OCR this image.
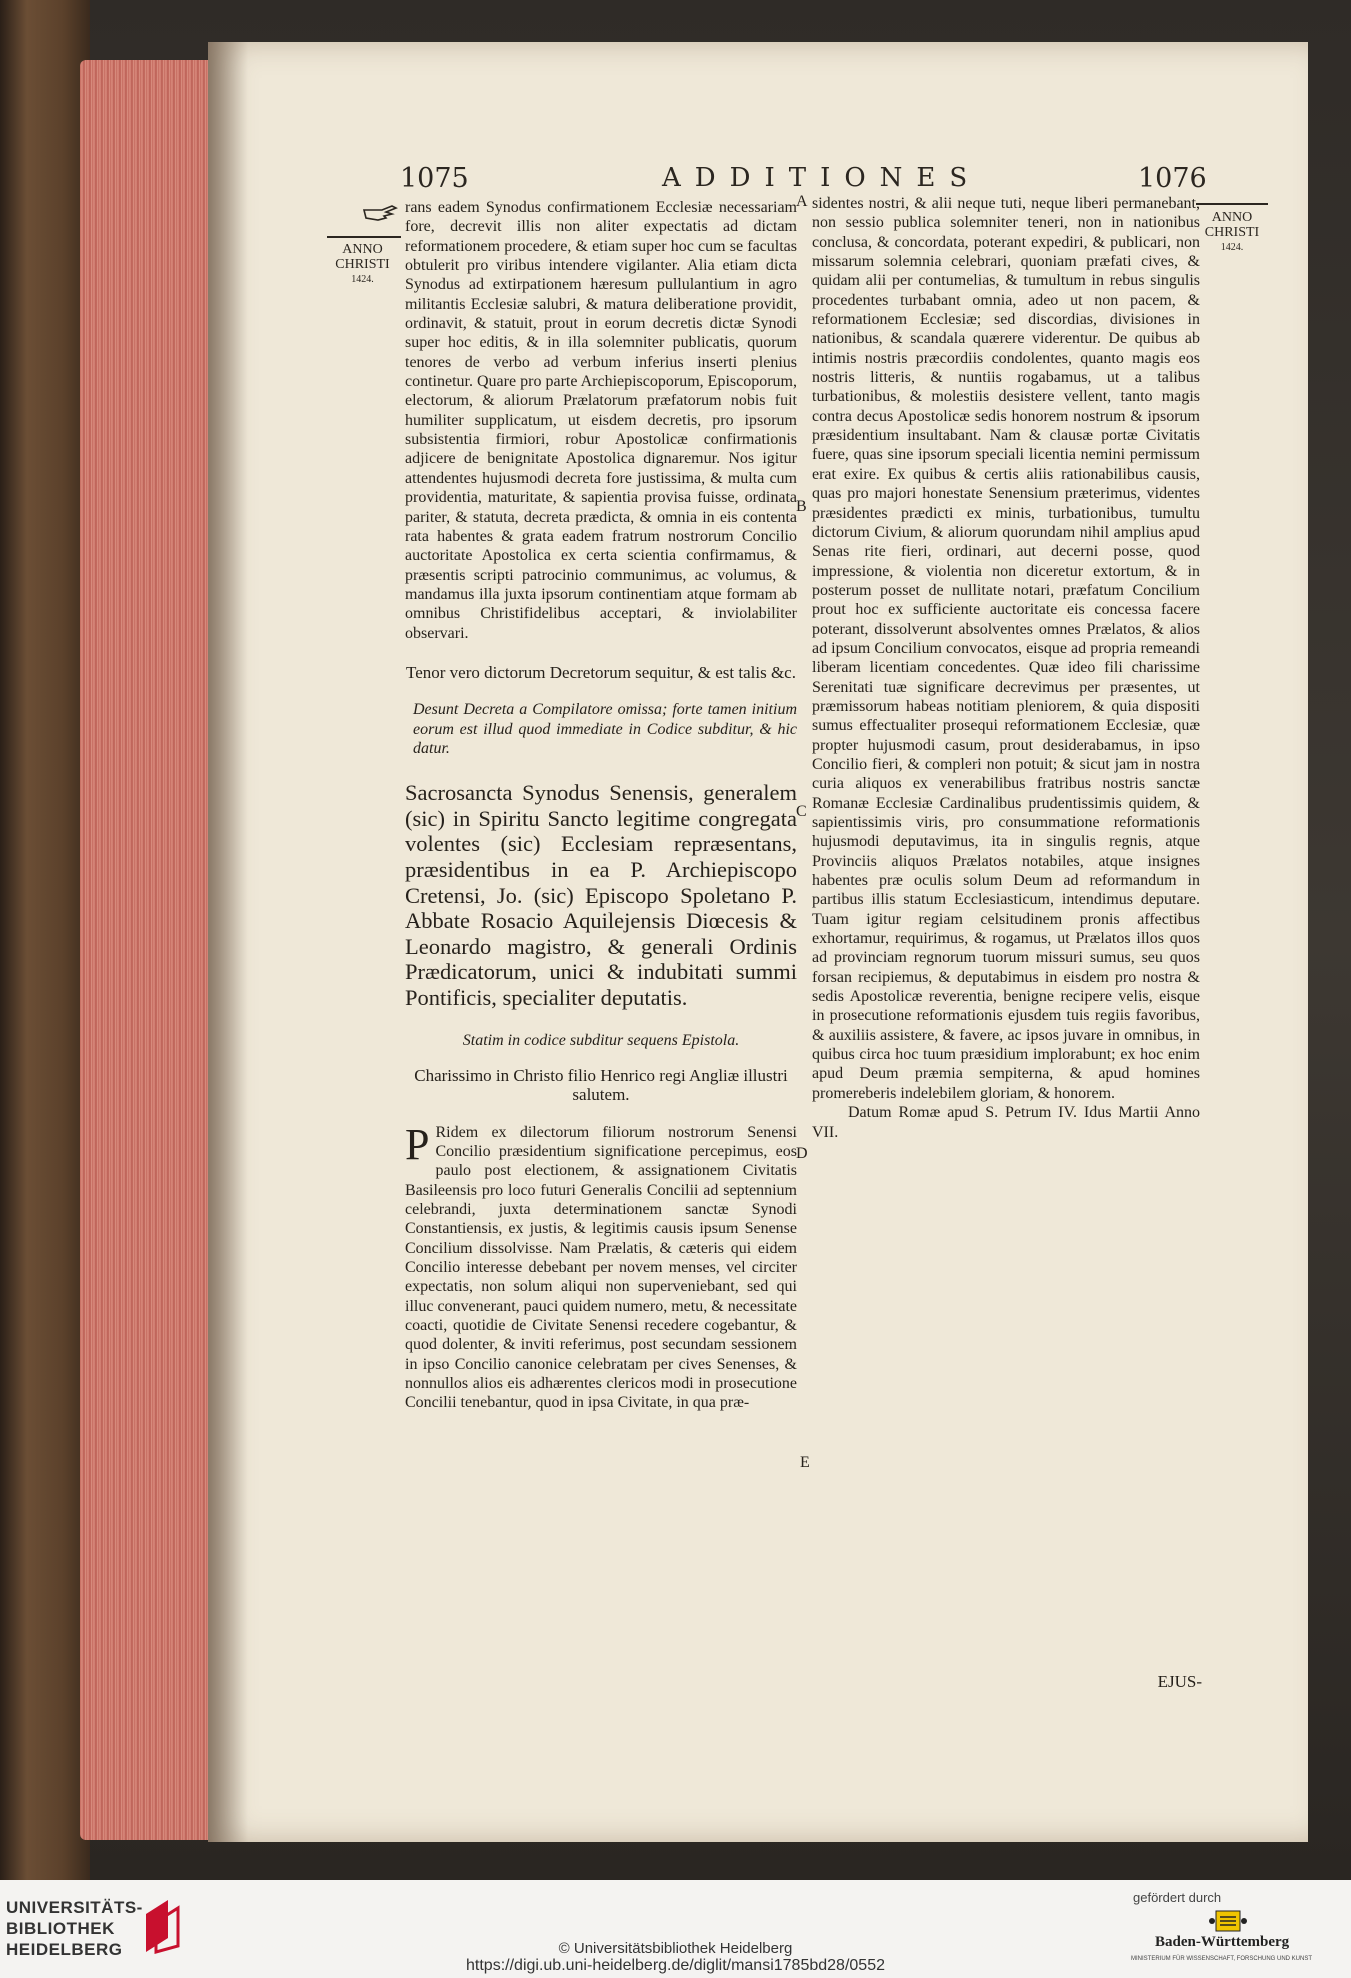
1075	ADDITIONES	1076
ANNO
CHRISTI
1424.
ANNO
CHRISTI
1424.
A
B
C
D
E

rans eadem Synodus confirmationem Ecclesiæ necessariam fore, decrevit illis non aliter expectatis ad dictam reformationem procedere, & etiam super hoc cum se facultas obtulerit pro viribus intendere vigilanter. Alia etiam dicta Synodus ad extirpationem hæresum pullulantium in agro militantis Ecclesiæ salubri, & matura deliberatione providit, ordinavit, & statuit, prout in eorum decretis dictæ Synodi super hoc editis, & in illa solemniter publicatis, quorum tenores de verbo ad verbum inferius inserti plenius continetur. Quare pro parte Archiepiscoporum, Episcoporum, electorum, & aliorum Prælatorum præfatorum nobis fuit humiliter supplicatum, ut eisdem decretis, pro ipsorum subsistentia firmiori, robur Apostolicæ confirmationis adjicere de benignitate Apostolica dignaremur. Nos igitur attendentes hujusmodi decreta fore justissima, & multa cum providentia, maturitate, & sapientia provisa fuisse, ordinata pariter, & statuta, decreta prædicta, & omnia in eis contenta rata habentes & grata eadem fratrum nostrorum Concilio auctoritate Apostolica ex certa scientia confirmamus, & præsentis scripti patrocinio communimus, ac volumus, & mandamus illa juxta ipsorum continentiam atque formam ab omnibus Christifidelibus acceptari, & inviolabiliter observari.

Tenor vero dictorum Decretorum sequitur, & est talis &c.

Desunt Decreta a Compilatore omissa; forte tamen initium eorum est illud quod immediate in Codice subditur, & hic datur.

Sacrosancta Synodus Senensis, generalem (sic) in Spiritu Sancto legitime congregata volentes (sic) Ecclesiam repræsentans, præsidentibus in ea P. Archiepiscopo Cretensi, Jo. (sic) Episcopo Spoletano P. Abbate Rosacio Aquilejensis Diœcesis & Leonardo magistro, & generali Ordinis Prædicatorum, unici & indubitati summi Pontificis, specialiter deputatis.

Statim in codice subditur sequens Epistola.

Charissimo in Christo filio Henrico regi Angliæ illustri salutem.

P Ridem ex dilectorum filiorum nostrorum Senensi Concilio præsidentium significatione percepimus, eos paulo post electionem, & assignationem Civitatis Basileensis pro loco futuri Generalis Concilii ad septennium celebrandi, juxta determinationem sanctæ Synodi Constantiensis, ex justis, & legitimis causis ipsum Senense Concilium dissolvisse. Nam Prælatis, & cæteris qui eidem Concilio interesse debebant per novem menses, vel circiter expectatis, non solum aliqui non superveniebant, sed qui illuc convenerant, pauci quidem numero, metu, & necessitate coacti, quotidie de Civitate Senensi recedere cogebantur, & quod dolenter, & inviti referimus, post secundam sessionem in ipso Concilio canonice celebratam per cives Senenses, & nonnullos alios eis adhærentes clericos modi in prosecutione Concilii tenebantur, quod in ipsa Civitate, in qua præ-

sidentes nostri, & alii neque tuti, neque liberi permanebant, non sessio publica solemniter teneri, non in nationibus conclusa, & concordata, poterant expediri, & publicari, non missarum solemnia celebrari, quoniam præfati cives, & quidam alii per contumelias, & tumultum in rebus singulis procedentes turbabant omnia, adeo ut non pacem, & reformationem Ecclesiæ; sed discordias, divisiones in nationibus, & scandala quærere viderentur. De quibus ab intimis nostris præcordiis condolentes, quanto magis eos nostris litteris, & nuntiis rogabamus, ut a talibus turbationibus, & molestiis desistere vellent, tanto magis contra decus Apostolicæ sedis honorem nostrum & ipsorum præsidentium insultabant. Nam & clausæ portæ Civitatis fuere, quas sine ipsorum speciali licentia nemini permissum erat exire. Ex quibus & certis aliis rationabilibus causis, quas pro majori honestate Senensium præterimus, videntes præsidentes prædicti ex minis, turbationibus, tumultu dictorum Civium, & aliorum quorundam nihil amplius apud Senas rite fieri, ordinari, aut decerni posse, quod impressione, & violentia non diceretur extortum, & in posterum posset de nullitate notari, præfatum Concilium prout hoc ex sufficiente auctoritate eis concessa facere poterant, dissolverunt absolventes omnes Prælatos, & alios ad ipsum Concilium convocatos, eisque ad propria remeandi liberam licentiam concedentes. Quæ ideo fili charissime Serenitati tuæ significare decrevimus per præsentes, ut præmissorum habeas notitiam pleniorem, & quia dispositi sumus effectualiter prosequi reformationem Ecclesiæ, quæ propter hujusmodi casum, prout desiderabamus, in ipso Concilio fieri, & compleri non potuit; & sicut jam in nostra curia aliquos ex venerabilibus fratribus nostris sanctæ Romanæ Ecclesiæ Cardinalibus prudentissimis quidem, & sapientissimis viris, pro consummatione reformationis hujusmodi deputavimus, ita in singulis regnis, atque Provinciis aliquos Prælatos notabiles, atque insignes habentes præ oculis solum Deum ad reformandum in partibus illis statum Ecclesiasticum, intendimus deputare. Tuam igitur regiam celsitudinem pronis affectibus exhortamur, requirimus, & rogamus, ut Prælatos illos quos ad provinciam regnorum tuorum missuri sumus, seu quos forsan recipiemus, & deputabimus in eisdem pro nostra & sedis Apostolicæ reverentia, benigne recipere velis, eisque in prosecutione reformationis ejusdem tuis regiis favoribus, & auxiliis assistere, & favere, ac ipsos juvare in omnibus, in quibus circa hoc tuum præsidium implorabunt; ex hoc enim apud Deum præmia sempiterna, & apud homines promereberis indelebilem gloriam, & honorem.

Datum Romæ apud S. Petrum IV. Idus Martii Anno VII.

EJUS-
UNIVERSITÄTS-
BIBLIOTHEK
HEIDELBERG	© Universitätsbibliothek Heidelberg
https://digi.ub.uni-heidelberg.de/diglit/mansi1785bd28/0552
gefördert durch
Baden-Württemberg
MINISTERIUM FÜR WISSENSCHAFT, FORSCHUNG UND KUNST
